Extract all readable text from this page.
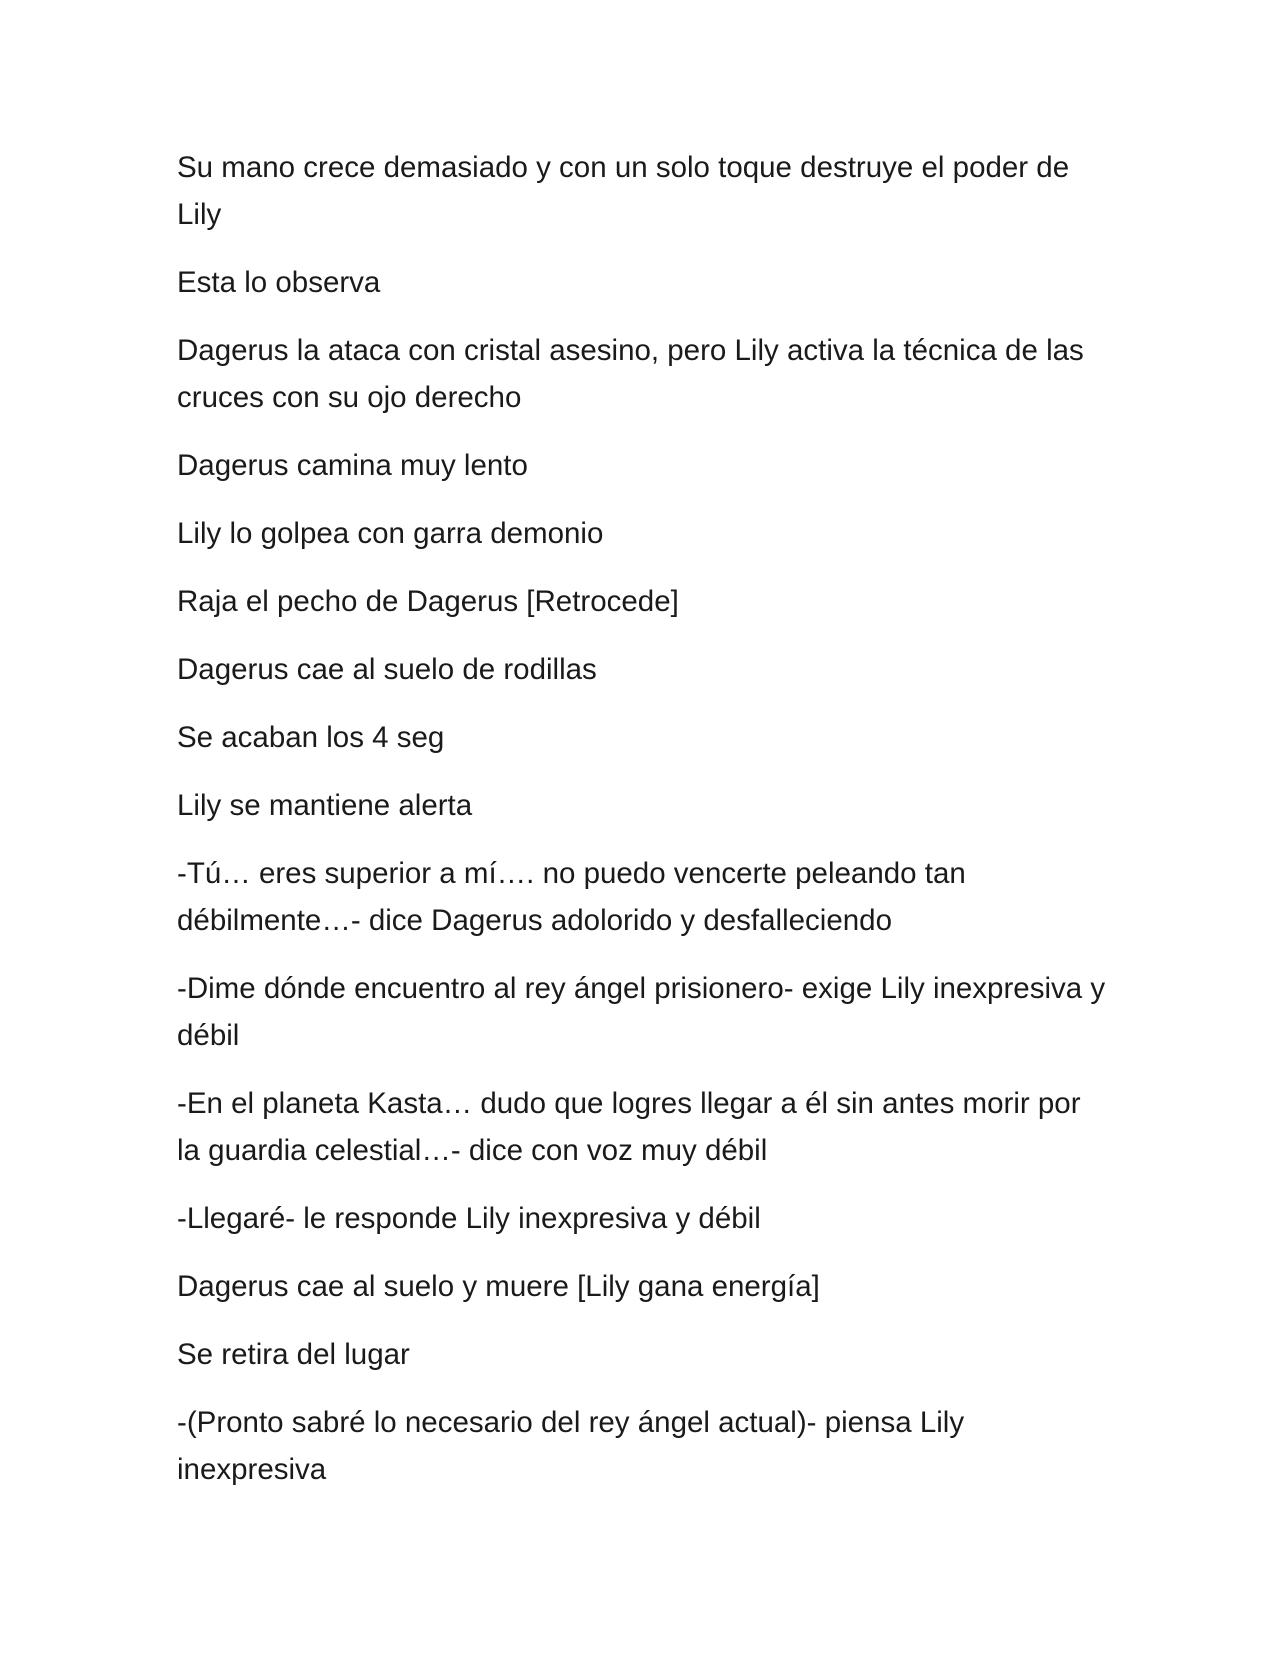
Su mano crece demasiado y con un solo toque destruye el poder de Lily

Esta lo observa

Dagerus la ataca con cristal asesino, pero Lily activa la técnica de las cruces con su ojo derecho

Dagerus camina muy lento

Lily lo golpea con garra demonio

Raja el pecho de Dagerus [Retrocede]

Dagerus cae al suelo de rodillas

Se acaban los 4 seg

Lily se mantiene alerta

-Tú… eres superior a mí…. no puedo vencerte peleando tan débilmente…- dice Dagerus adolorido y desfalleciendo

-Dime dónde encuentro al rey ángel prisionero- exige Lily inexpresiva y débil

-En el planeta Kasta… dudo que logres llegar a él sin antes morir por la guardia celestial…- dice con voz muy débil

-Llegaré- le responde Lily inexpresiva y débil

Dagerus cae al suelo y muere [Lily gana energía]

Se retira del lugar

-(Pronto sabré lo necesario del rey ángel actual)- piensa Lily inexpresiva
